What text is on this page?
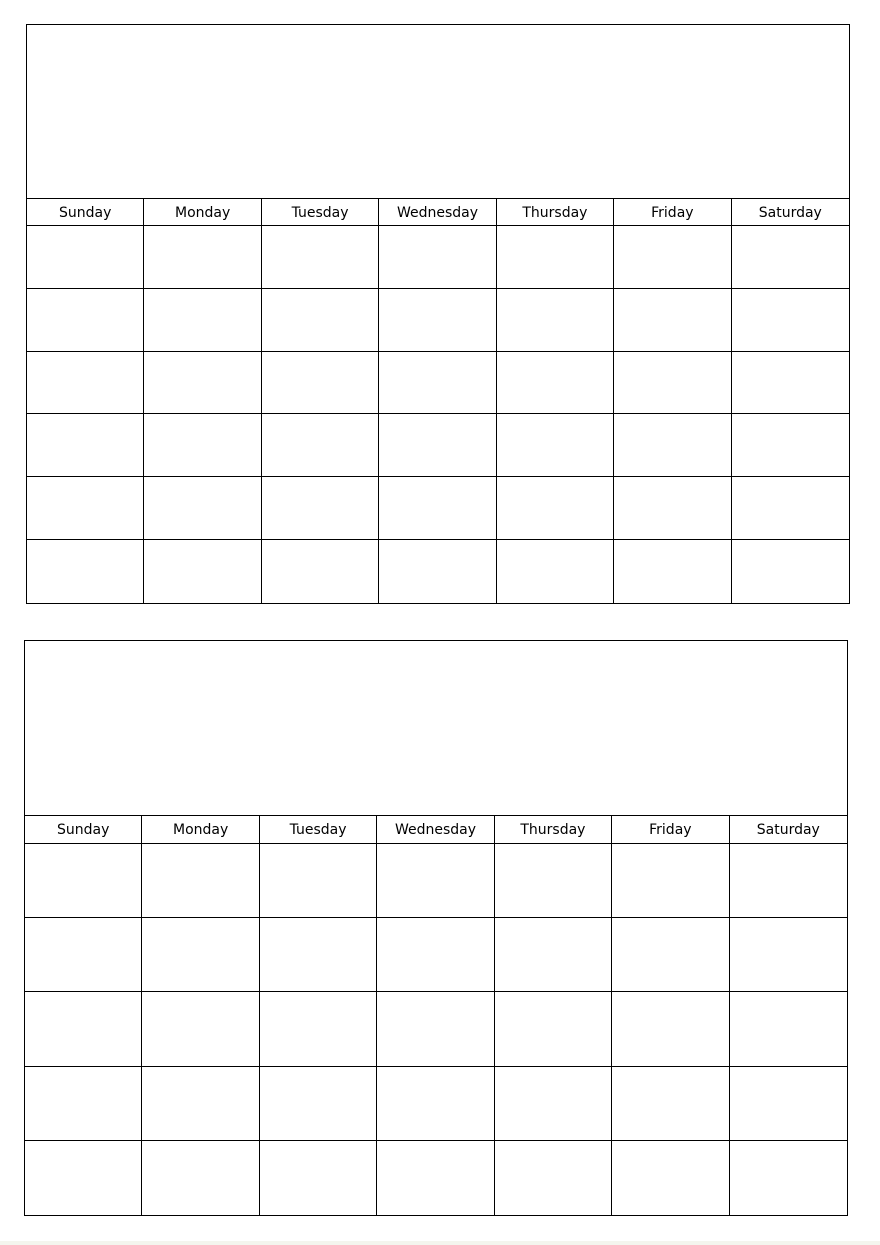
Sunday	Monday	Tuesday	Wednesday	Thursday	Friday	Saturday
Sunday	Monday	Tuesday	Wednesday	Thursday	Friday	Saturday
